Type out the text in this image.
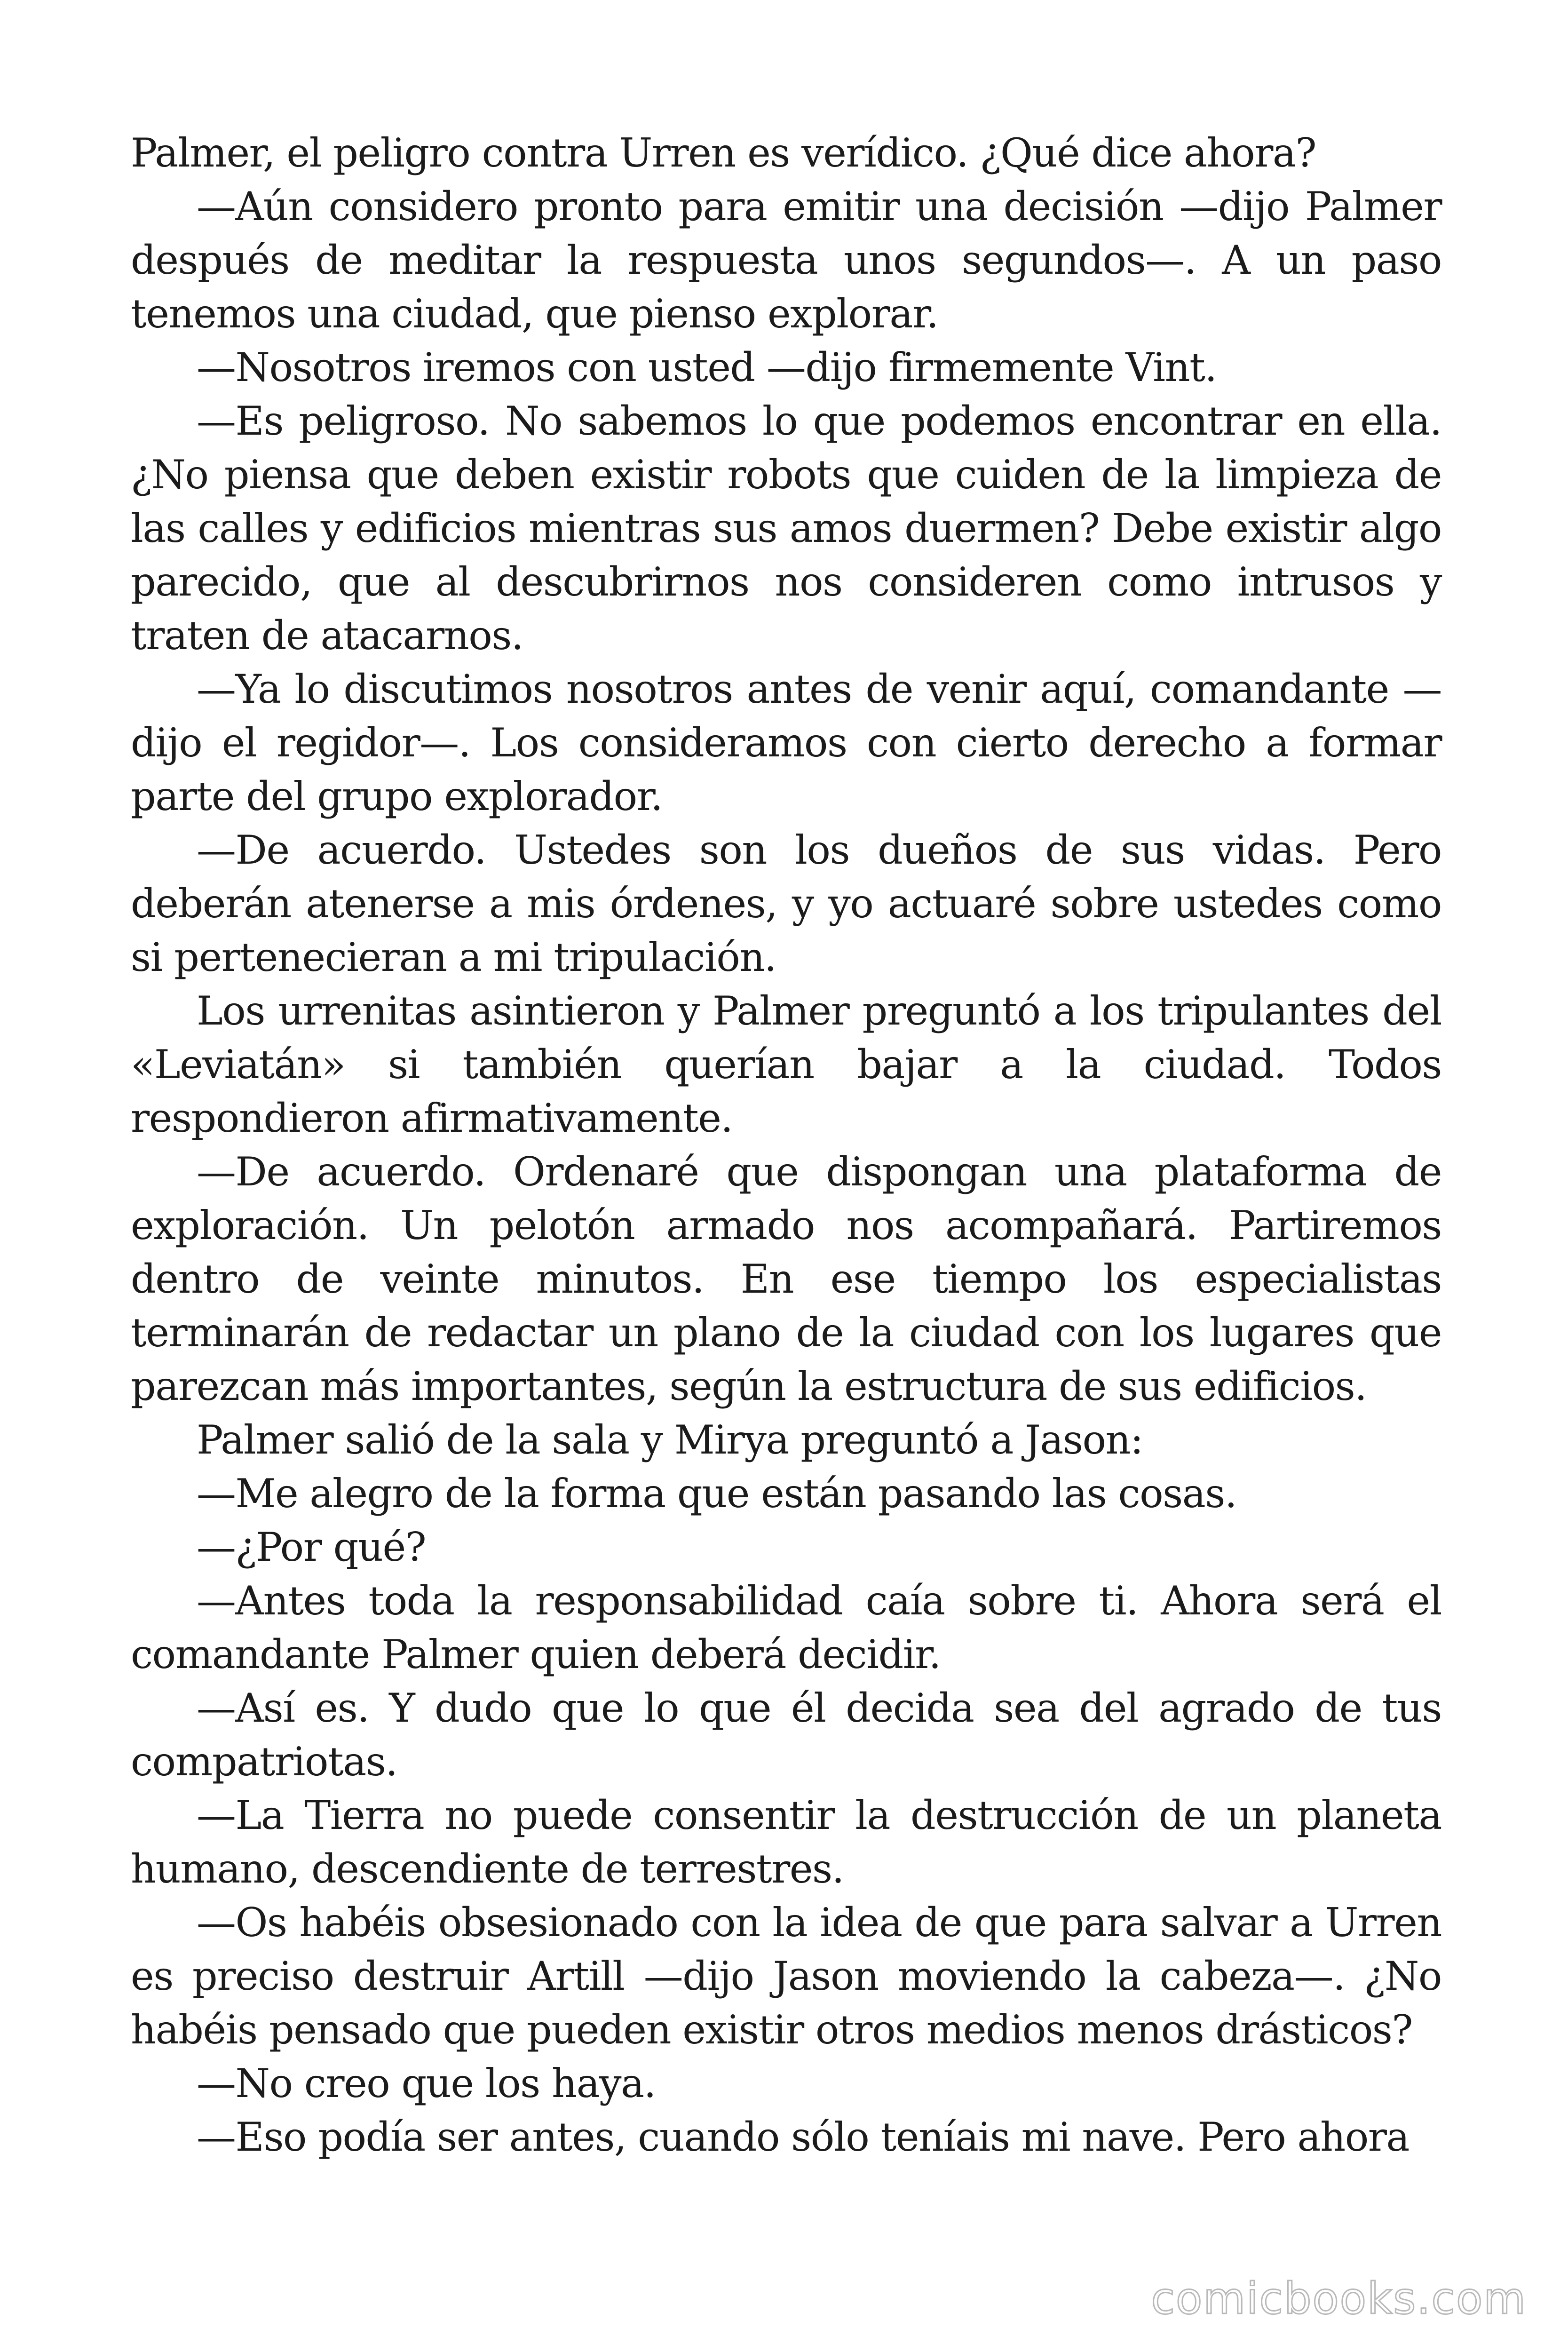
Palmer, el peligro contra Urren es verídico. ¿Qué dice ahora?

—Aún considero pronto para emitir una decisión —dijo Palmer después de meditar la respuesta unos segundos—. A un paso tenemos una ciudad, que pienso explorar.

—Nosotros iremos con usted —dijo firmemente Vint.

—Es peligroso. No sabemos lo que podemos encontrar en ella. ¿No piensa que deben existir robots que cuiden de la limpieza de las calles y edificios mientras sus amos duermen? Debe existir algo parecido, que al descubrirnos nos consideren como intrusos y traten de atacarnos.

—Ya lo discutimos nosotros antes de venir aquí, comandante —dijo el regidor—. Los consideramos con cierto derecho a formar parte del grupo explorador.

—De acuerdo. Ustedes son los dueños de sus vidas. Pero deberán atenerse a mis órdenes, y yo actuaré sobre ustedes como si pertenecieran a mi tripulación.

Los urrenitas asintieron y Palmer preguntó a los tripulantes del «Leviatán» si también querían bajar a la ciudad. Todos respondieron afirmativamente.

—De acuerdo. Ordenaré que dispongan una plataforma de exploración. Un pelotón armado nos acompañará. Partiremos dentro de veinte minutos. En ese tiempo los especialistas terminarán de redactar un plano de la ciudad con los lugares que parezcan más importantes, según la estructura de sus edificios.

Palmer salió de la sala y Mirya preguntó a Jason:

—Me alegro de la forma que están pasando las cosas.

—¿Por qué?

—Antes toda la responsabilidad caía sobre ti. Ahora será el comandante Palmer quien deberá decidir.

—Así es. Y dudo que lo que él decida sea del agrado de tus compatriotas.

—La Tierra no puede consentir la destrucción de un planeta humano, descendiente de terrestres.

—Os habéis obsesionado con la idea de que para salvar a Urren es preciso destruir Artill —dijo Jason moviendo la cabeza—. ¿No habéis pensado que pueden existir otros medios menos drásticos?

—No creo que los haya.

—Eso podía ser antes, cuando sólo teníais mi nave. Pero ahora

comicbooks.com
